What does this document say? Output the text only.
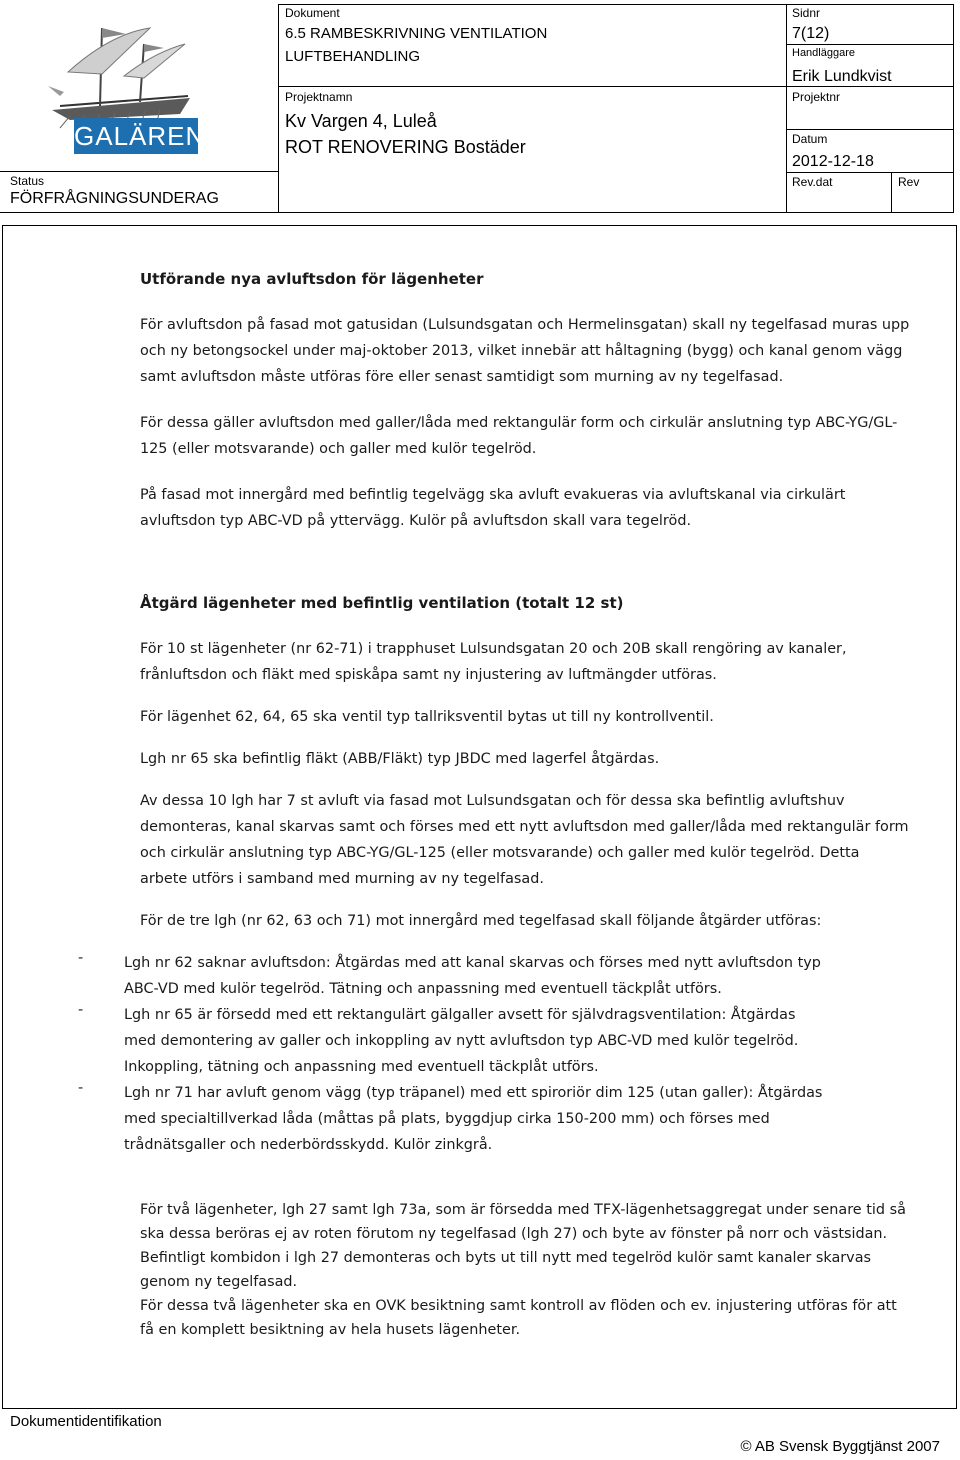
GALÄREN
Status
FÖRFRÅGNINGSUNDERAG
Dokument
6.5 RAMBESKRIVNING VENTILATION
LUFTBEHANDLING
Projektnamn
Kv Vargen 4, Luleå
ROT RENOVERING Bostäder
Sidnr
7(12)
Handläggare
Erik Lundkvist
Projektnr
Datum
2012-12-18
Rev.dat	Rev

Utförande nya avluftsdon för lägenheter

För avluftsdon på fasad mot gatusidan (Lulsundsgatan och Hermelinsgatan) skall ny tegelfasad muras upp

och ny betongsockel under maj-oktober 2013, vilket innebär att håltagning (bygg) och kanal genom vägg

samt avluftsdon måste utföras före eller senast samtidigt som murning av ny tegelfasad.

För dessa gäller avluftsdon med galler/låda med rektangulär form och cirkulär anslutning typ ABC-YG/GL-

125 (eller motsvarande) och galler med kulör tegelröd.

På fasad mot innergård med befintlig tegelvägg ska avluft evakueras via avluftskanal via cirkulärt

avluftsdon typ ABC-VD på yttervägg. Kulör på avluftsdon skall vara tegelröd.

Åtgärd lägenheter med befintlig ventilation (totalt 12 st)

För 10 st lägenheter (nr 62-71) i trapphuset Lulsundsgatan 20 och 20B skall rengöring av kanaler,

frånluftsdon och fläkt med spiskåpa samt ny injustering av luftmängder utföras.

För lägenhet 62, 64, 65 ska ventil typ tallriksventil bytas ut till ny kontrollventil.

Lgh nr 65 ska befintlig fläkt (ABB/Fläkt) typ JBDC med lagerfel åtgärdas.

Av dessa 10 lgh har 7 st avluft via fasad mot Lulsundsgatan och för dessa ska befintlig avluftshuv

demonteras, kanal skarvas samt och förses med ett nytt avluftsdon med galler/låda med rektangulär form

och cirkulär anslutning typ ABC-YG/GL-125 (eller motsvarande) och galler med kulör tegelröd. Detta

arbete utförs i samband med murning av ny tegelfasad.

För de tre lgh (nr 62, 63 och 71) mot innergård med tegelfasad skall följande åtgärder utföras:

-	Lgh nr 62 saknar avluftsdon: Åtgärdas med att kanal skarvas och förses med nytt avluftsdon typ

ABC-VD med kulör tegelröd. Tätning och anpassning med eventuell täckplåt utförs.

-	Lgh nr 65 är försedd med ett rektangulärt gälgaller avsett för självdragsventilation: Åtgärdas

med demontering av galler och inkoppling av nytt avluftsdon typ ABC-VD med kulör tegelröd.

Inkoppling, tätning och anpassning med eventuell täckplåt utförs.

-	Lgh nr 71 har avluft genom vägg (typ träpanel) med ett spiroriör dim 125 (utan galler): Åtgärdas

med specialtillverkad låda (måttas på plats, byggdjup cirka 150-200 mm) och förses med

trådnätsgaller och nederbördsskydd. Kulör zinkgrå.

För två lägenheter, lgh 27 samt lgh 73a, som är försedda med TFX-lägenhetsaggregat under senare tid så

ska dessa beröras ej av roten förutom ny tegelfasad (lgh 27) och byte av fönster på norr och västsidan.

Befintligt kombidon i lgh 27 demonteras och byts ut till nytt med tegelröd kulör samt kanaler skarvas

genom ny tegelfasad.

För dessa två lägenheter ska en OVK besiktning samt kontroll av flöden och ev. injustering utföras för att

få en komplett besiktning av hela husets lägenheter.

Dokumentidentifikation
© AB Svensk Byggtjänst 2007
